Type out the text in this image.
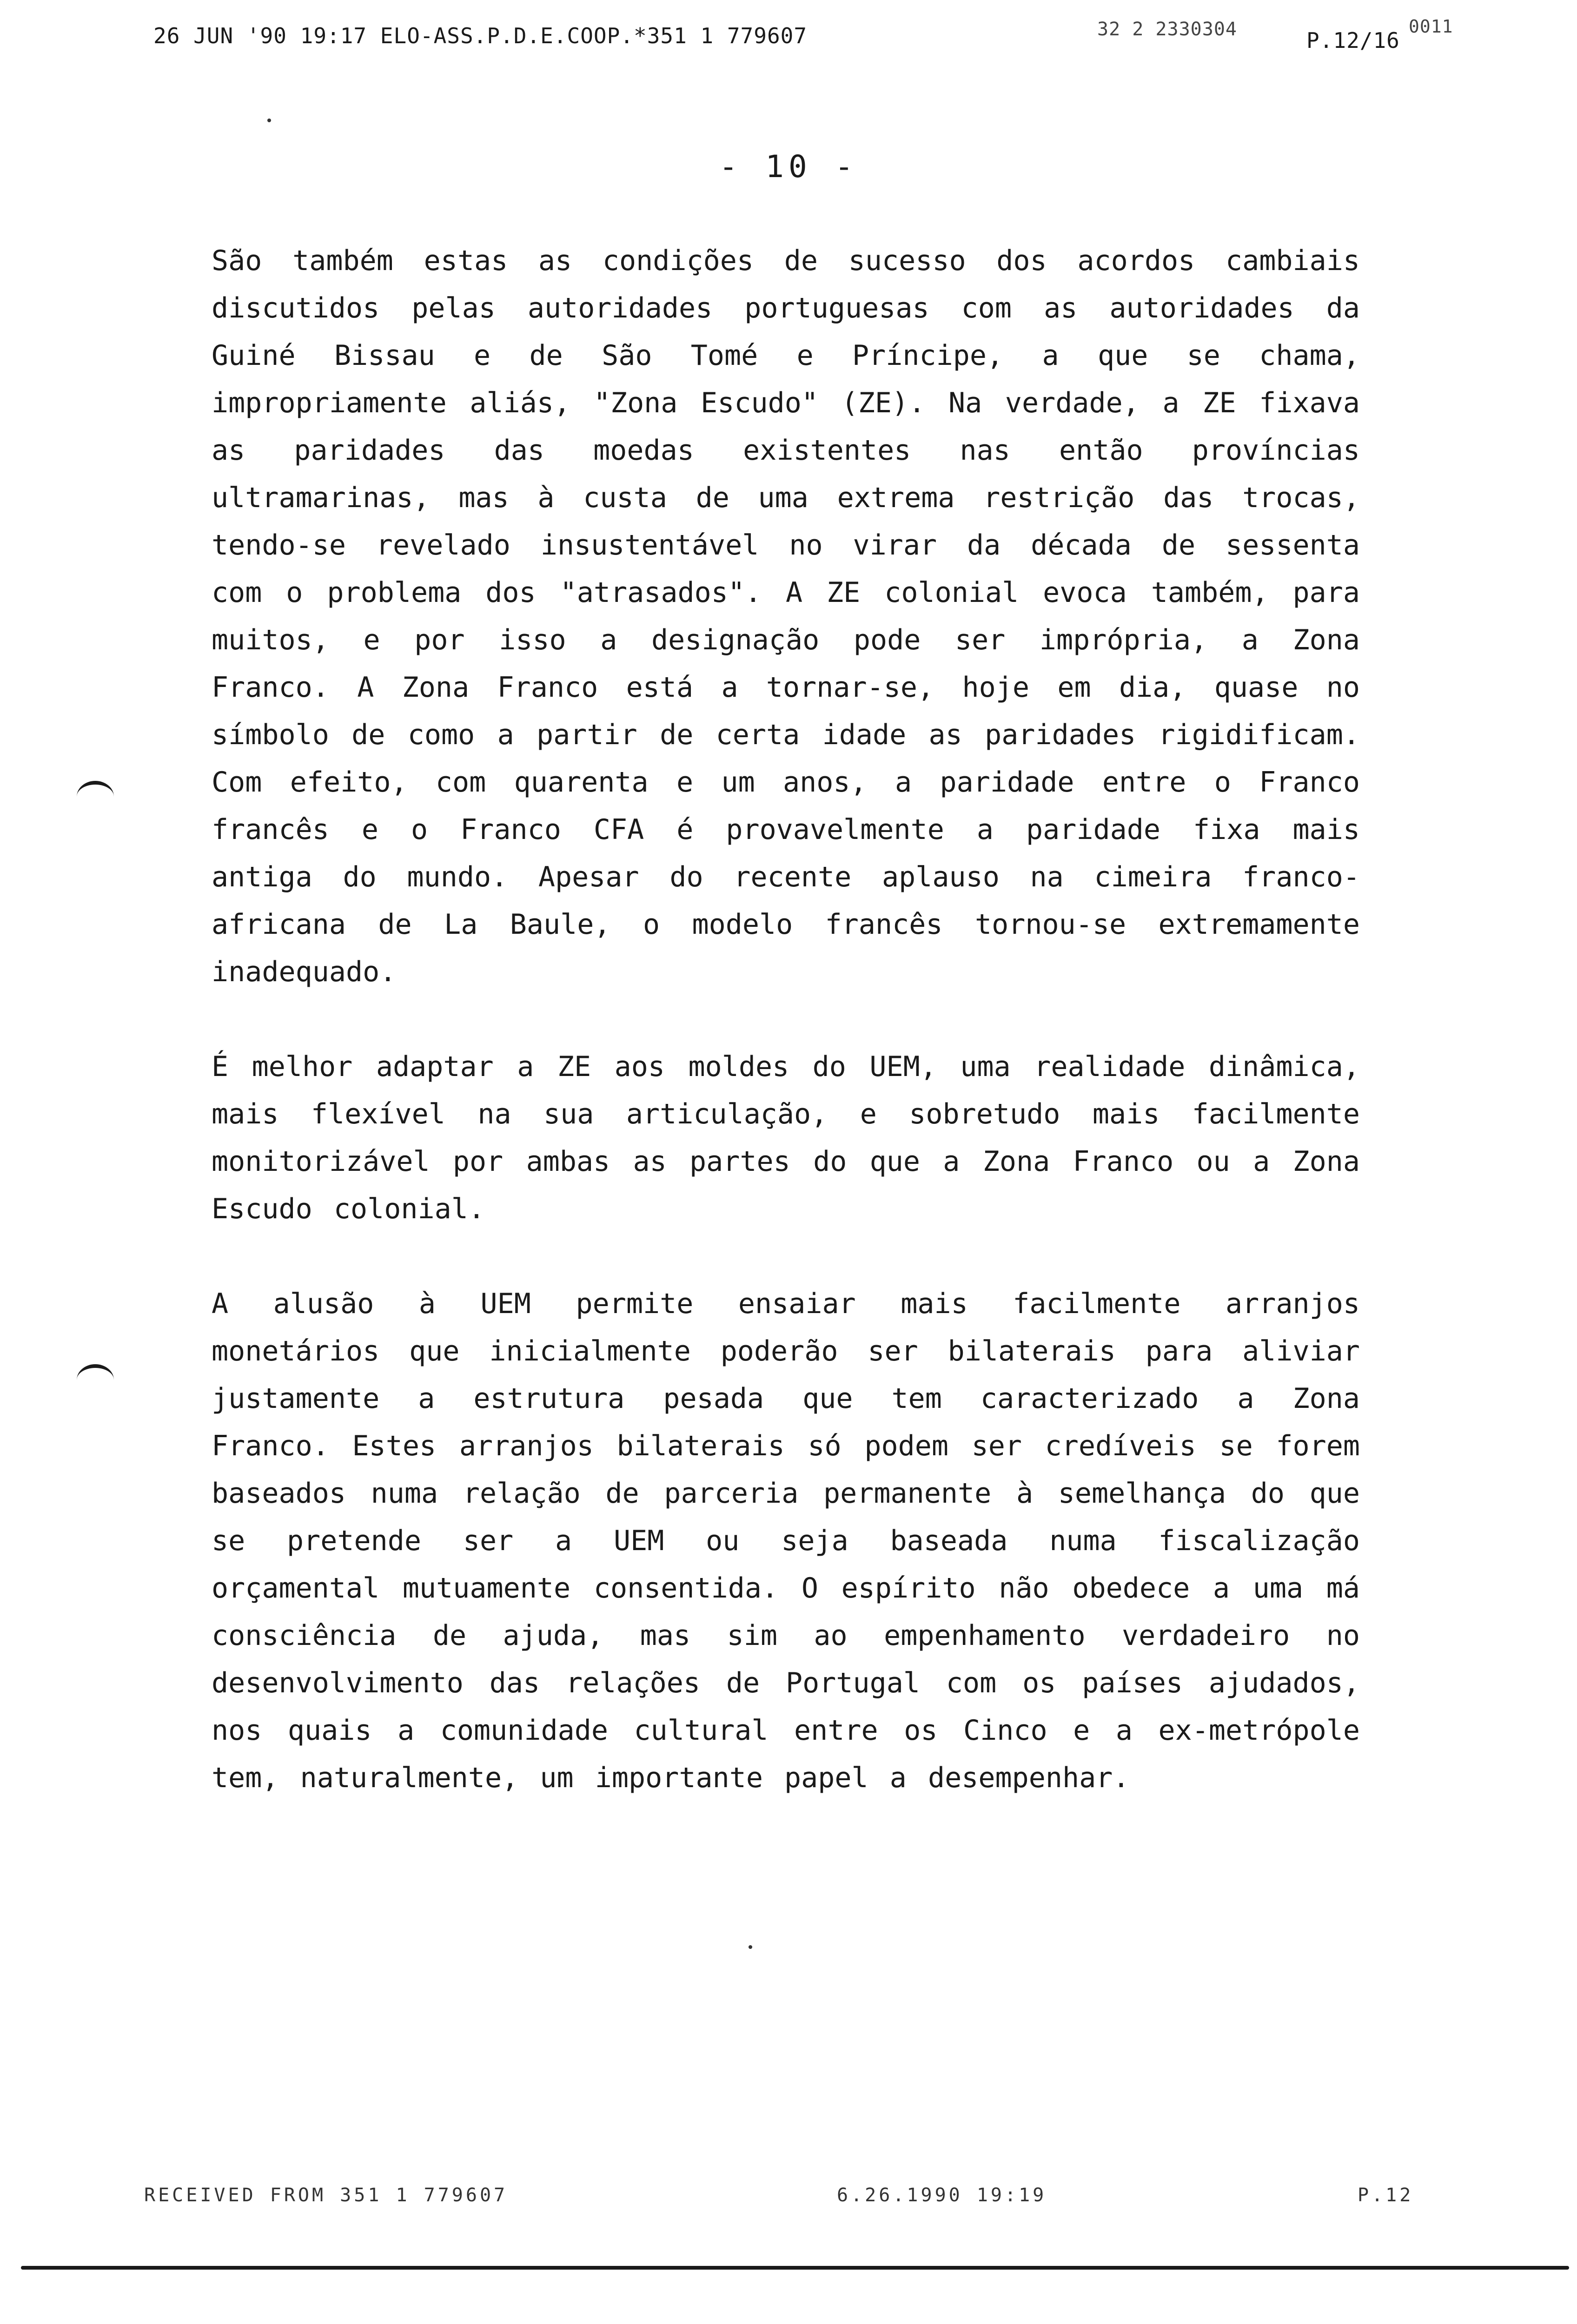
26 JUN '90 19:17 ELO-ASS.P.D.E.COOP.*351 1 779607	32 2 2330304	P.12/16
0011
- 10 -

São também estas as condições de sucesso dos acordos cambiais discutidos pelas autoridades portuguesas com as autoridades da Guiné Bissau e de São Tomé e Príncipe, a que se chama, impropriamente aliás, "Zona Escudo" (ZE). Na verdade, a ZE fixava as paridades das moedas existentes nas então províncias ultramarinas, mas à custa de uma extrema restrição das trocas, tendo-se revelado insustentável no virar da década de sessenta com o problema dos "atrasados". A ZE colonial evoca também, para muitos, e por isso a designação pode ser imprópria, a Zona Franco. A Zona Franco está a tornar-se, hoje em dia, quase no símbolo de como a partir de certa idade as paridades rigidificam. Com efeito, com quarenta e um anos, a paridade entre o Franco francês e o Franco CFA é provavelmente a paridade fixa mais antiga do mundo. Apesar do recente aplauso na cimeira franco-africana de La Baule, o modelo francês tornou-se extremamente inadequado.

É melhor adaptar a ZE aos moldes do UEM, uma realidade dinâmica, mais flexível na sua articulação, e sobretudo mais facilmente monitorizável por ambas as partes do que a Zona Franco ou a Zona Escudo colonial.

A alusão à UEM permite ensaiar mais facilmente arranjos monetários que inicialmente poderão ser bilaterais para aliviar justamente a estrutura pesada que tem caracterizado a Zona Franco. Estes arranjos bilaterais só podem ser credíveis se forem baseados numa relação de parceria permanente à semelhança do que se pretende ser a UEM ou seja baseada numa fiscalização orçamental mutuamente consentida. O espírito não obedece a uma má consciência de ajuda, mas sim ao empenhamento verdadeiro no desenvolvimento das relações de Portugal com os países ajudados, nos quais a comunidade cultural entre os Cinco e a ex-metrópole tem, naturalmente, um importante papel a desempenhar.

RECEIVED FROM 351 1 779607	6.26.1990 19:19	P.12
